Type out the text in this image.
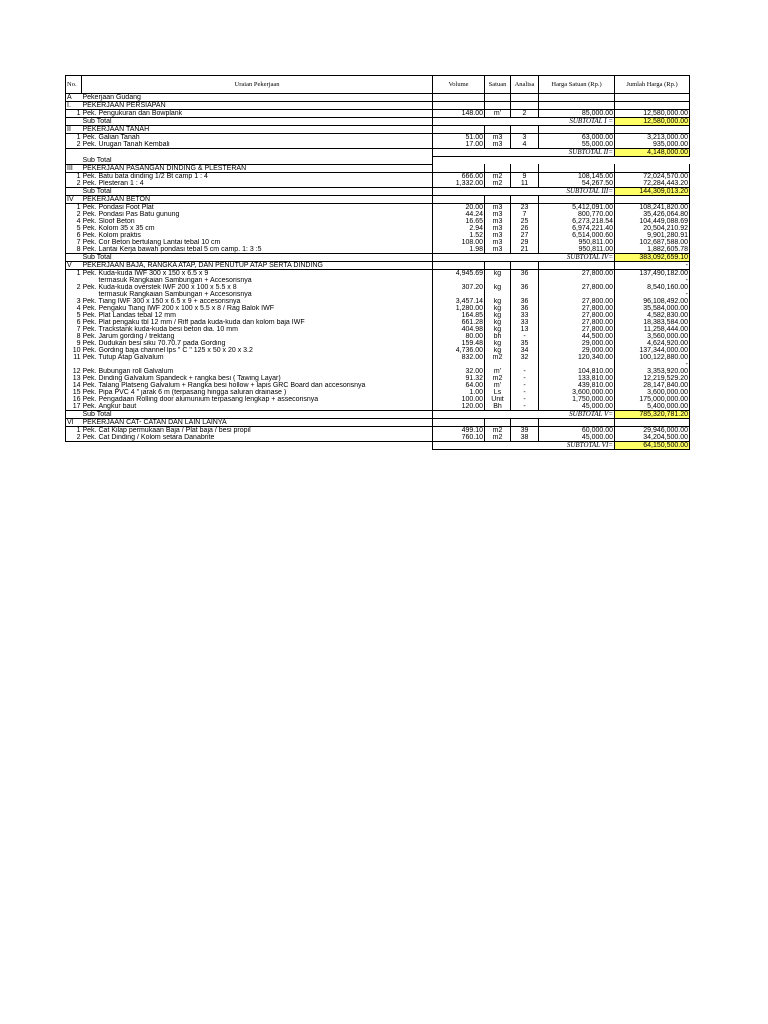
No.	Uraian Pekerjaan		Volume	Satuan	Analisa	Harga Satuan (Rp.)	Jumlah Harga (Rp.)
A	Pekerjaan Gudang						
I.	PEKERJAAN PERSIAPAN						
1	Pek.	Pengukuran dan Bowplank	148.00	m'	2	85,000.00	12,580,000.00
	Sub Total					SUBTOTAL I =	12,580,000.00
II	PEKERJAAN TANAH						
1	Pek.	Galian Tanah	51.00	m3	3	63,000.00	3,213,000.00
2	Pek.	Urugan Tanah Kembali	17.00	m3	4	55,000.00	935,000.00
						SUBTOTAL II=	4,148,000.00
	Sub Total						
III	PEKERJAAN PASANGAN DINDING & PLESTERAN						
1	Pek.	Batu bata dinding 1/2 Bt camp 1 : 4	666.00	m2	9	108,145.00	72,024,570.00
2	Pek.	Plesteran 1 : 4	1,332.00	m2	11	54,267.50	72,284,443.20
	Sub Total					SUBTOTAL III=	144,309,013.20
IV	PEKERJAAN BETON						
1	Pek.	Pondasi Foot Plat	20.00	m3	23	5,412,091.00	108,241,820.00
2	Pek.	Pondasi Pas Batu gunung	44.24	m3	7	800,770.00	35,426,064.80
4	Pek.	Sloof Beton	16.65	m3	25	6,273,218.54	104,449,088.69
5	Pek.	Kolom 35 x 35 cm	2.94	m3	26	6,974,221.40	20,504,210.92
6	Pek.	Kolom praktis	1.52	m3	27	6,514,000.60	9,901,280.91
7	Pek.	Cor Beton bertulang Lantai tebal 10 cm	108.00	m3	29	950,811.00	102,687,588.00
8	Pek.	Lantai Kerja bawah pondasi tebal 5 cm camp. 1: 3 :5	1.98	m3	21	950,811.00	1,882,605.78
	Sub Total					SUBTOTAL IV=	383,092,659.10
V	PEKERJAAN BAJA, RANGKA ATAP, DAN PENUTUP ATAP SERTA DINDING						-
1	Pek.	Kuda-kuda IWF 300 x 150 x 6.5 x 9	4,945.69	kg	36	27,800.00	137,490,182.00
		termasuk Rangkaian Sambungan + Accesorisnya					-
2	Pek.	Kuda-kuda overstek IWF 200 x 100 x 5.5 x 8	307.20	kg	36	27,800.00	8,540,160.00
		termasuk Rangkaian Sambungan + Accesorisnya					-
3	Pek.	Tiang IWF 300 x 150 x 6.5 x 9 + accesorisnya	3,457.14	kg	36	27,800.00	96,108,492.00
4	Pek.	Pengaku Tiang IWF 200 x 100 x 5.5 x 8 / Rag Balok IWF	1,280.00	kg	36	27,800.00	35,584,000.00
5	Pek.	Plat Landas tebal 12 mm	164.85	kg	33	27,800.00	4,582,830.00
6	Pek.	Plat pengaku tbl 12 mm / Riff pada kuda-kuda dan kolom baja IWF	661.28	kg	33	27,800.00	18,383,584.00
7	Pek.	Trackstank kuda-kuda besi beton dia. 10 mm	404.98	kg	13	27,800.00	11,258,444.00
8	Pek.	Jarum gording / trektang	80.00	bh	-	44,500.00	3,560,000.00
9	Pek.	Dudukan besi siku 70.70.7 pada Gording	159.48	kg	35	29,000.00	4,624,920.00
10	Pek.	Gording baja channel lps " C " 125 x 50 x 20 x 3.2	4,736.00	kg	34	29,000.00	137,344,000.00
11	Pek.	Tutup Atap Galvalum	832.00	m2	32	120,340.00	100,122,880.00
							-
12	Pek.	Bubungan roll Galvalum	32.00	m'	-	104,810.00	3,353,920.00
13	Pek.	Dinding Galvalum Spandeck + rangka besi ( Tawing Layar)	91.32	m2	-	133,810.00	12,219,529.20
14	Pek.	Talang Platseng Galvalum + Rangka besi hollow + lapis GRC Board dan accesorisnya	64.00	m'	-	439,810.00	28,147,840.00
15	Pek.	Pipa PVC 4 " jarak 6 m (terpasang hingga saluran drainase )	1.00	Ls	-	3,600,000.00	3,600,000.00
16	Pek.	Pengadaan Rolling door alumunium terpasang lengkap + assecorisnya	100.00	Unit	-	1,750,000.00	175,000,000.00
17	Pek.	Angkur baut	120.00	Bh	-	45,000.00	5,400,000.00
	Sub Total					SUBTOTAL V=	785,320,781.20
VI	PEKERJAAN CAT- CATAN DAN LAIN LAINYA						
1	Pek.	Cat Kilap permukaan Baja / Plat baja / besi propil	499.10	m2	39	60,000.00	29,946,000.00
2	Pek.	Cat Dinding / Kolom setara Danabrite	760.10	m2	38	45,000.00	34,204,500.00
						SUBTOTAL VI=	64,150,500.00
